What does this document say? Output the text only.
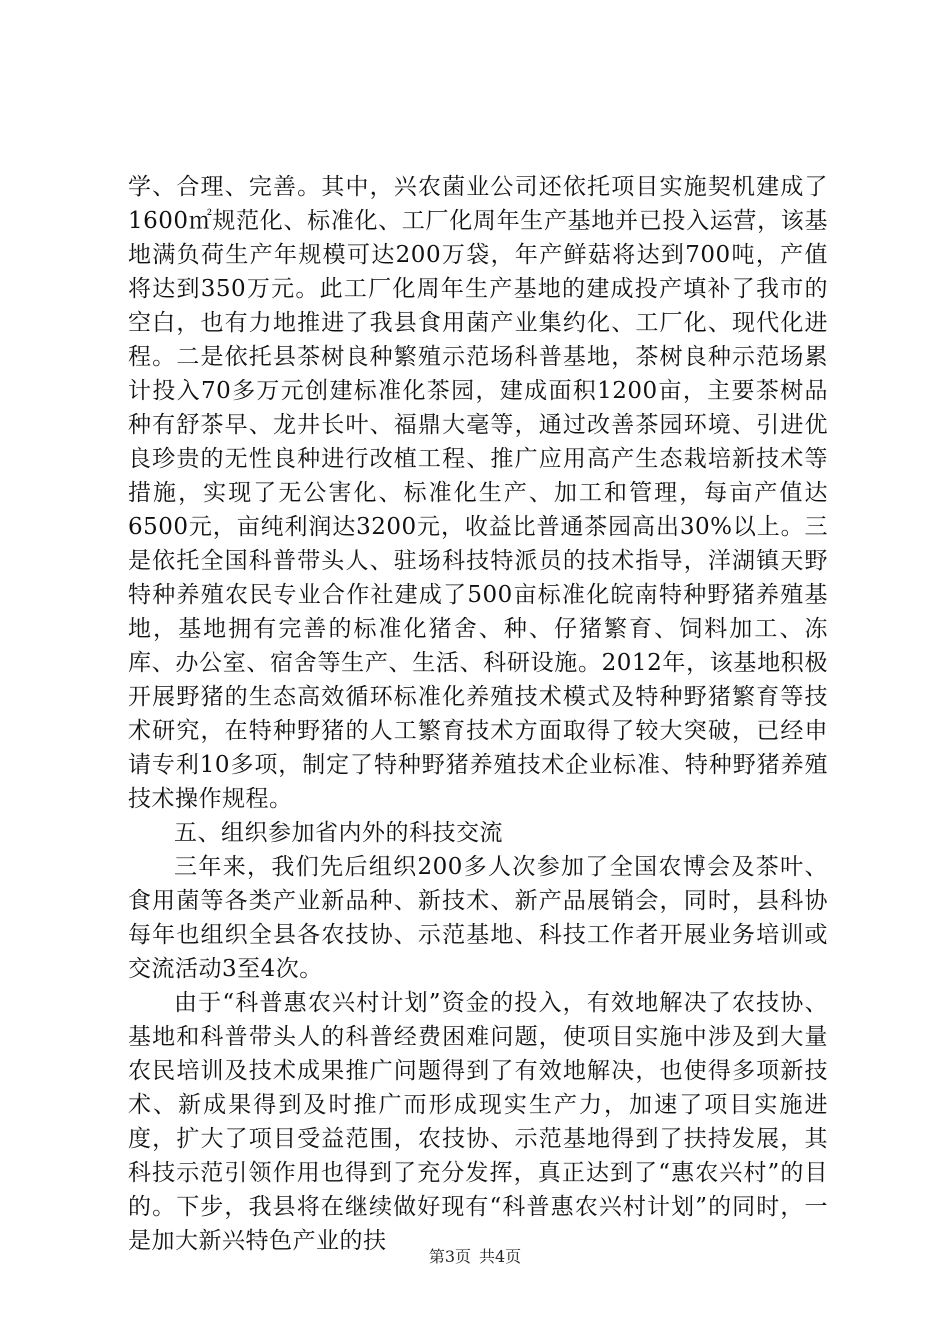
学、合理、完善。其中，兴农菌业公司还依托项目实施契机建成了1600㎡规范化、标准化、工厂化周年生产基地并已投入运营，该基地满负荷生产年规模可达200万袋，年产鲜菇将达到700吨，产值将达到350万元。此工厂化周年生产基地的建成投产填补了我市的空白，也有力地推进了我县食用菌产业集约化、工厂化、现代化进程。二是依托县茶树良种繁殖示范场科普基地，茶树良种示范场累计投入70多万元创建标准化茶园，建成面积1200亩，主要茶树品种有舒茶早、龙井长叶、福鼎大毫等，通过改善茶园环境、引进优良珍贵的无性良种进行改植工程、推广应用高产生态栽培新技术等措施，实现了无公害化、标准化生产、加工和管理，每亩产值达6500元，亩纯利润达3200元，收益比普通茶园高出30%以上。三是依托全国科普带头人、驻场科技特派员的技术指导，洋湖镇天野特种养殖农民专业合作社建成了500亩标准化皖南特种野猪养殖基地，基地拥有完善的标准化猪舍、种、仔猪繁育、饲料加工、冻库、办公室、宿舍等生产、生活、科研设施。2012年，该基地积极开展野猪的生态高效循环标准化养殖技术模式及特种野猪繁育等技术研究，在特种野猪的人工繁育技术方面取得了较大突破，已经申请专利10多项，制定了特种野猪养殖技术企业标准、特种野猪养殖技术操作规程。

五、组织参加省内外的科技交流

三年来，我们先后组织200多人次参加了全国农博会及茶叶、食用菌等各类产业新品种、新技术、新产品展销会，同时，县科协每年也组织全县各农技协、示范基地、科技工作者开展业务培训或交流活动3至4次。

由于“科普惠农兴村计划”资金的投入，有效地解决了农技协、基地和科普带头人的科普经费困难问题，使项目实施中涉及到大量农民培训及技术成果推广问题得到了有效地解决，也使得多项新技术、新成果得到及时推广而形成现实生产力，加速了项目实施进度，扩大了项目受益范围，农技协、示范基地得到了扶持发展，其科技示范引领作用也得到了充分发挥，真正达到了“惠农兴村”的目的。下步，我县将在继续做好现有“科普惠农兴村计划”的同时，一是加大新兴特色产业的扶

第3页 共4页
